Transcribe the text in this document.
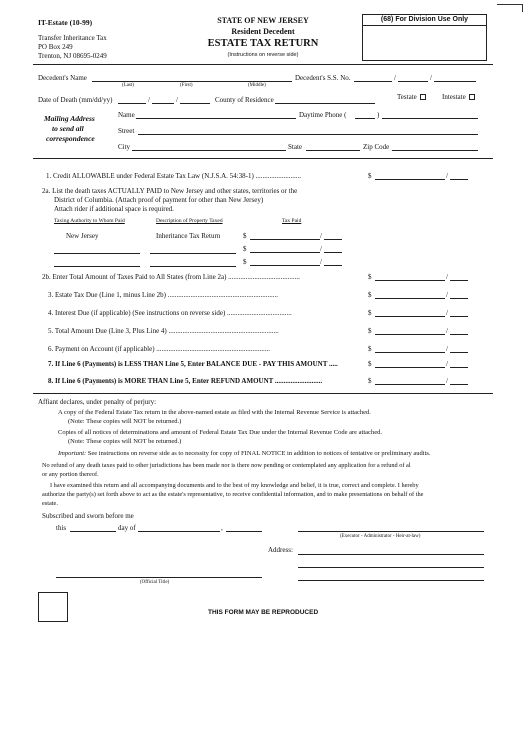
IT-Estate (10-99)
Transfer Inheritance Tax
PO Box 249
Trenton, NJ 08695-0249
STATE OF NEW JERSEY
Resident Decedent
ESTATE TAX RETURN
(Instructions on reverse side)
(68) For Division Use Only
Decedent's Name
(Last)	(First)	(Middle)
Decedent's S.S. No.	/	/
Date of Death (mm/dd/yy)	/	/	County of Residence	Testate	Intestate
Mailing Address
to send all
correspondence
Name	Daytime Phone (	)
Street
City	State	Zip Code
1. Credit ALLOWABLE under Federal Estate Tax Law (N.J.S.A. 54:38-1) ..........................	$	/
2a. List the death taxes ACTUALLY PAID to New Jersey and other states, territories or the
District of Columbia. (Attach proof of payment for other than New Jersey)
Attach rider if additional space is required.
Taxing Authority to Whom Paid	Description of Property Taxed	Tax Paid
New Jersey	Inheritance Tax Return	$	/
$	/
$	/
2b. Enter Total Amount of Taxes Paid to All States (from Line 2a) .........................................	$	/
3. Estate Tax Due (Line 1, minus Line 2b) ...............................................................	$	/
4. Interest Due (if applicable) (See instructions on reverse side) .....................................	$	/
5. Total Amount Due (Line 3, Plus Line 4) ...............................................................	$	/
6. Payment on Account (if applicable) .................................................................	$	/
7. If Line 6 (Payments) is LESS THAN Line 5, Enter BALANCE DUE - PAY THIS AMOUNT .....	$	/
8. If Line 6 (Payments) is MORE THAN Line 5, Enter REFUND AMOUNT ...........................	$	/
Affiant declares, under penalty of perjury:
A copy of the Federal Estate Tax return in the above-named estate as filed with the Internal Revenue Service is attached.
(Note: These copies will NOT be returned.)
Copies of all notices of determinations and amount of Federal Estate Tax Due under the Internal Revenue Code are attached.
(Note: These copies will NOT be returned.)
Important: See instructions on reverse side as to necessity for copy of FINAL NOTICE in addition to notices of tentative or preliminary audits.
No refund of any death taxes paid to other jurisdictions has been made nor is there now pending or contemplated any application for a refund of al
or any portion thereof.
I have examined this return and all accompanying documents and to the best of my knowledge and belief, it is true, correct and complete. I hereby
authorize the party(s) set forth above to act as the estate's representative, to receive confidential information, and to make presentations on behalf of the
estate.
Subscribed and sworn before me
this	day of	,
(Executor - Administrator - Heir-at-law)
Address:
(Official Title)
THIS FORM MAY BE REPRODUCED
